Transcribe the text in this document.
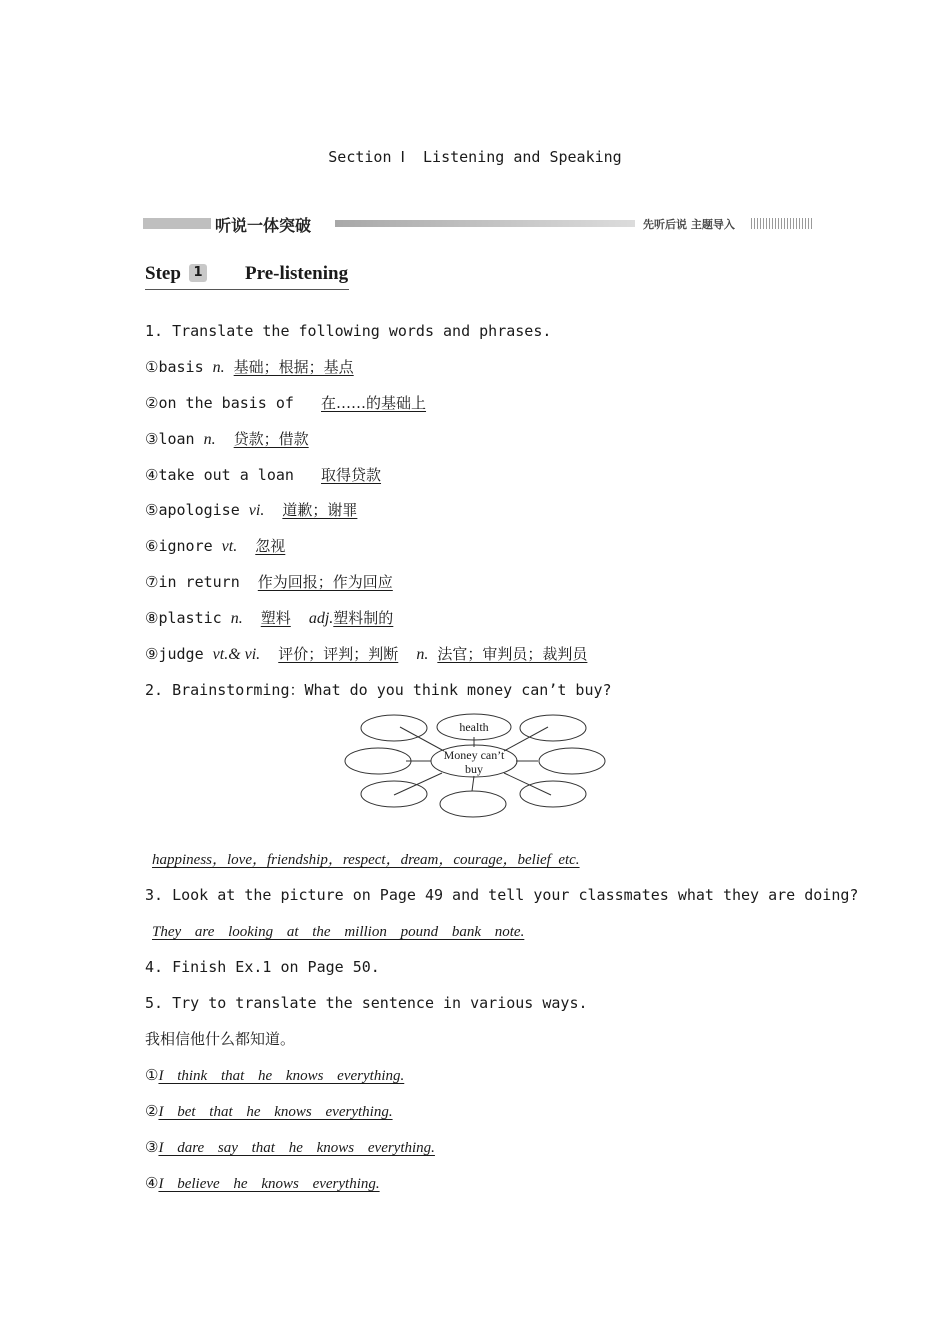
Section Ⅰ  Listening and Speaking
听说一体突破	先听后说 主题导入
Step 1 Pre-listening
1. Translate the following words and phrases.
①basis n. 基础；根据；基点
②on the basis of 在……的基础上
③loan n. 贷款；借款
④take out a loan 取得贷款
⑤apologise vi. 道歉；谢罪
⑥ignore vt. 忽视
⑦in return 作为回报；作为回应
⑧plastic n. 塑料 adj.塑料制的
⑨judge vt.& vi. 评价；评判；判断 n. 法官；审判员；裁判员
2. Brainstorming：What do you think money can’t buy?
health
Money can’t
buy
happiness，love，friendship，respect，dream，courage，belief  etc.
3. Look at the picture on Page 49 and tell your classmates what they are doing?
They are looking at the million pound bank note.
4. Finish Ex.1 on Page 50.
5. Try to translate the sentence in various ways.
我相信他什么都知道。
①I think that he knows everything.
②I bet that he knows everything.
③I dare say that he knows everything.
④I believe he knows everything.
